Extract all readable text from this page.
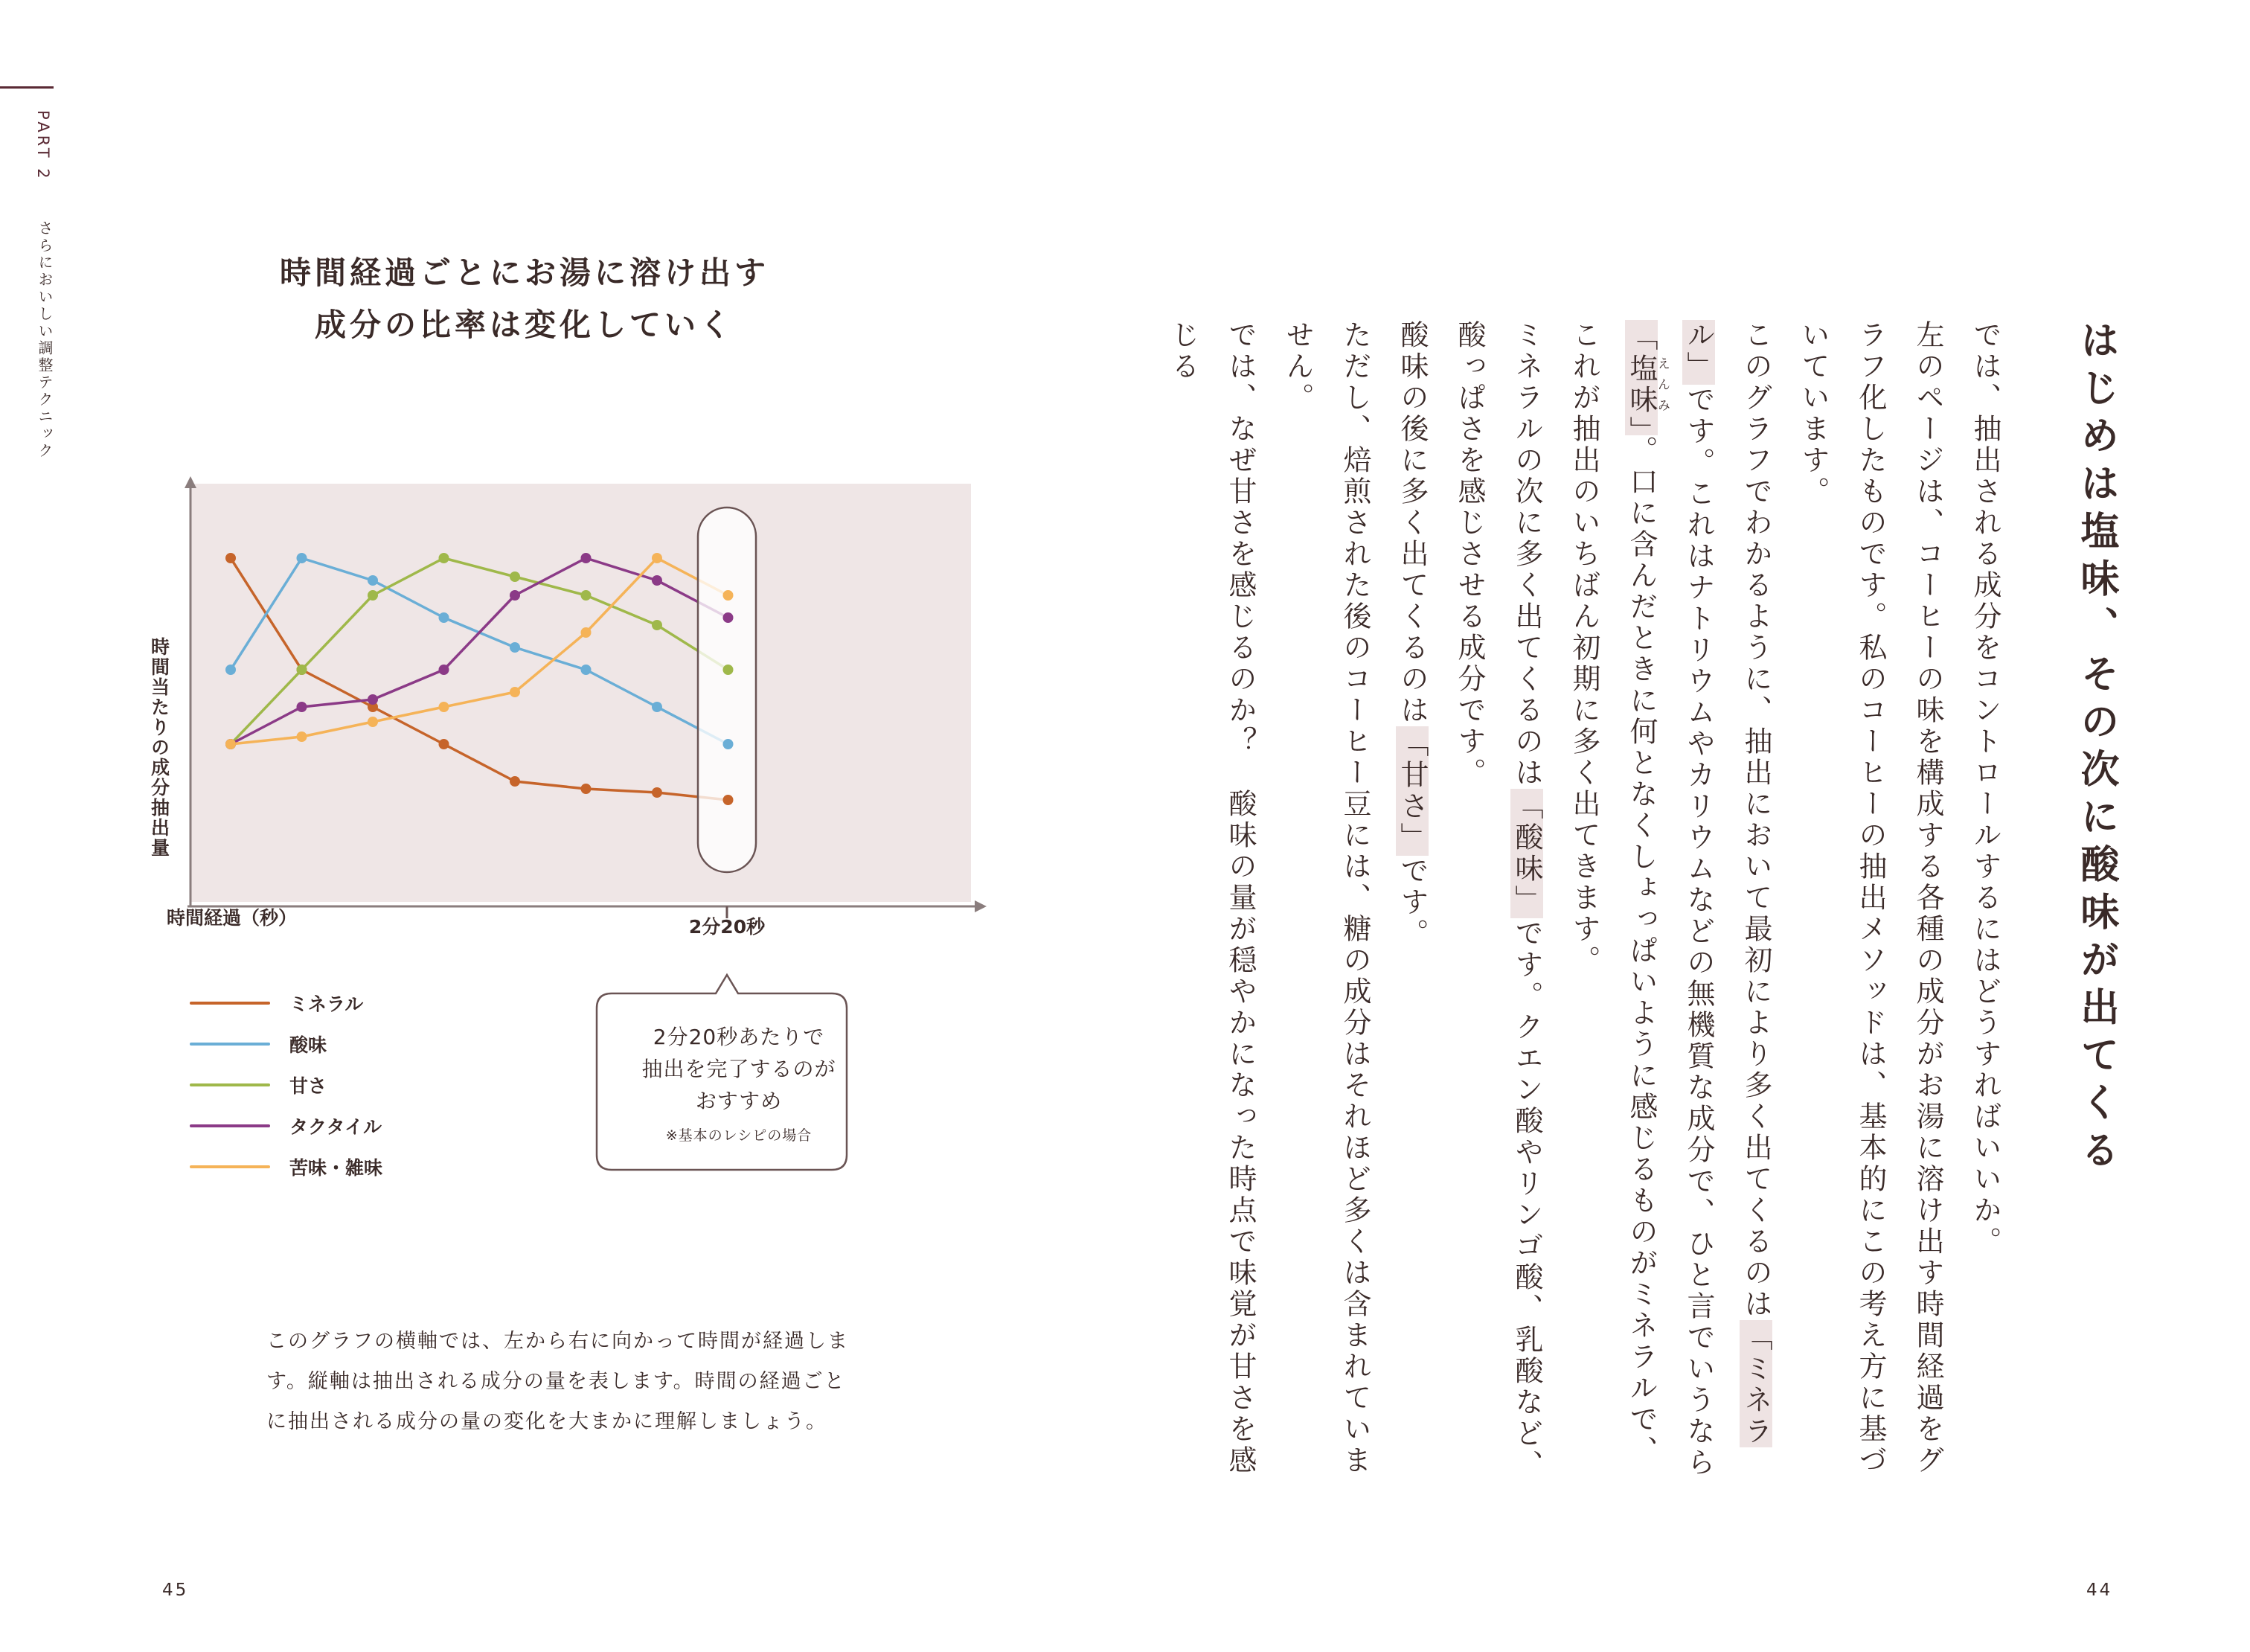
PART 2
さらにおいしい調整テクニック	時間経過ごとにお湯に溶け出す
成分の比率は変化していく
時間当たりの成分抽出量
時間経過（秒）	2分20秒
ミネラル
酸味
甘さ
タクタイル
苦味・雑味
2分20秒あたりで
抽出を完了するのが
おすすめ
※基本のレシピの場合
このグラフの横軸では、左から右に向かって時間が経過しま
す。縦軸は抽出される成分の量を表します。時間の経過ごと
に抽出される成分の量の変化を大まかに理解しましょう。
45	44
はじめは塩味、その次に酸味が出てくる

では、抽出される成分をコントロールするにはどうすればいいか。

左のページは、コーヒーの味を構成する各種の成分がお湯に溶け出す時間経過をグラフ化したものです。私のコーヒーの抽出メソッドは、基本的にこの考え方に基づいています。

このグラフでわかるように、抽出において最初により多く出てくるのは「ミネラル」です。これはナトリウムやカリウムなどの無機質な成分で、ひと言でいうなら「塩味えんみ」。口に含んだときに何となくしょっぱいように感じるものがミネラルで、これが抽出のいちばん初期に多く出てきます。

ミネラルの次に多く出てくるのは「酸味」です。クエン酸やリンゴ酸、乳酸など、酸っぱさを感じさせる成分です。

酸味の後に多く出てくるのは「甘さ」です。

ただし、焙煎された後のコーヒー豆には、糖の成分はそれほど多くは含まれていません。

では、なぜ甘さを感じるのか？　酸味の量が穏やかになった時点で味覚が甘さを感じる
